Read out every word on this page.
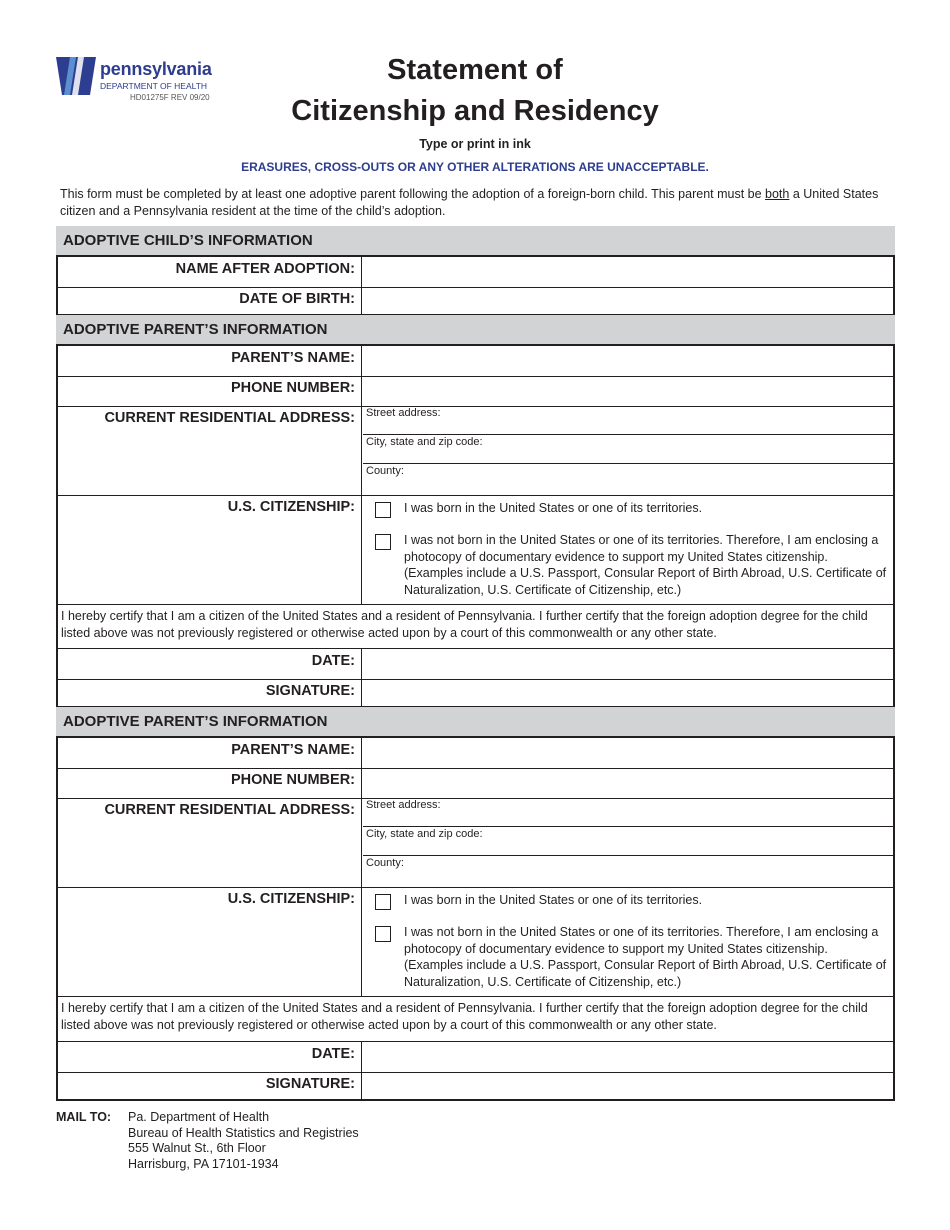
pennsylvania
DEPARTMENT OF HEALTH
HD01275F REV 09/20
Statement of
Citizenship and Residency
Type or print in ink
ERASURES, CROSS-OUTS OR ANY OTHER ALTERATIONS ARE UNACCEPTABLE.
This form must be completed by at least one adoptive parent following the adoption of a foreign-born child. This parent must be both a United States citizen and a Pennsylvania resident at the time of the child’s adoption.
ADOPTIVE CHILD’S INFORMATION
NAME AFTER ADOPTION:
DATE OF BIRTH:
ADOPTIVE PARENT’S INFORMATION
PARENT’S NAME:
PHONE NUMBER:
CURRENT RESIDENTIAL ADDRESS:	Street address:
City, state and zip code:
County:
U.S. CITIZENSHIP:	I was born in the United States or one of its territories.
I was not born in the United States or one of its territories. Therefore, I am enclosing a photocopy of documentary evidence to support my United States citizenship. (Examples include a U.S. Passport, Consular Report of Birth Abroad, U.S. Certificate of Naturalization, U.S. Certificate of Citizenship, etc.)
I hereby certify that I am a citizen of the United States and a resident of Pennsylvania. I further certify that the foreign adoption degree for the child listed above was not previously registered or otherwise acted upon by a court of this commonwealth or any other state.
DATE:
SIGNATURE:
ADOPTIVE PARENT’S INFORMATION
PARENT’S NAME:
PHONE NUMBER:
CURRENT RESIDENTIAL ADDRESS:	Street address:
City, state and zip code:
County:
U.S. CITIZENSHIP:	I was born in the United States or one of its territories.
I was not born in the United States or one of its territories. Therefore, I am enclosing a photocopy of documentary evidence to support my United States citizenship. (Examples include a U.S. Passport, Consular Report of Birth Abroad, U.S. Certificate of Naturalization, U.S. Certificate of Citizenship, etc.)
I hereby certify that I am a citizen of the United States and a resident of Pennsylvania. I further certify that the foreign adoption degree for the child listed above was not previously registered or otherwise acted upon by a court of this commonwealth or any other state.
DATE:
SIGNATURE:
MAIL TO: Pa. Department of Health
Bureau of Health Statistics and Registries
555 Walnut St., 6th Floor
Harrisburg, PA 17101-1934
